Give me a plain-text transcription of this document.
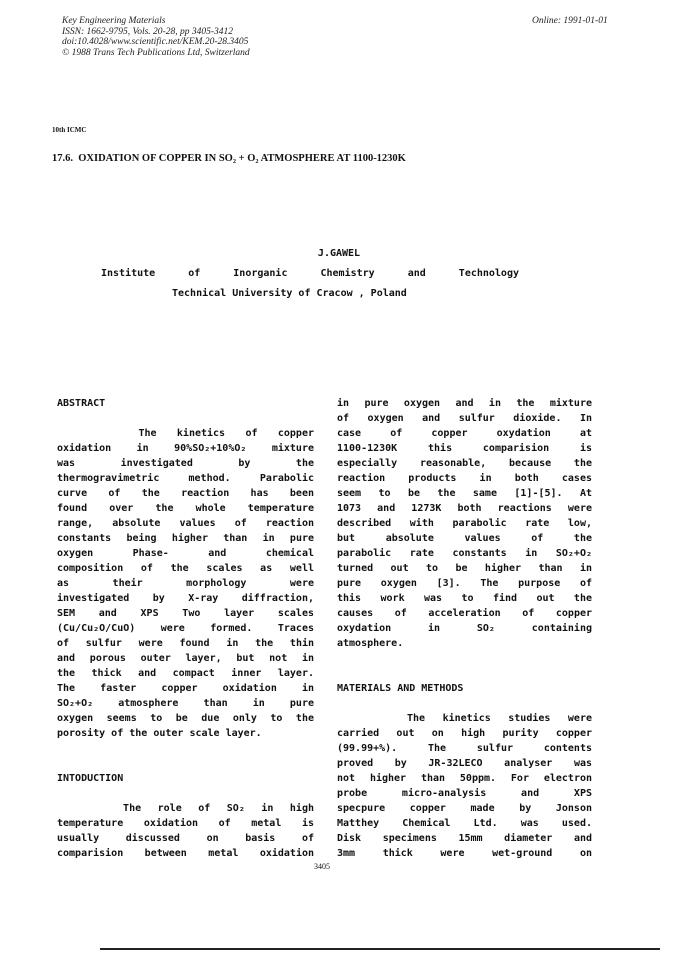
Key Engineering Materials
ISSN: 1662-9795, Vols. 20-28, pp 3405-3412
doi:10.4028/www.scientific.net/KEM.20-28.3405
© 1988 Trans Tech Publications Ltd, Switzerland
Online: 1991-01-01
10th ICMC
17.6. OXIDATION OF COPPER IN SO₂ + O₂ ATMOSPHERE AT 1100-1230K
J.GAWEL
Institute   of   Inorganic   Chemistry   and   Technology
Technical University of Cracow , Poland
ABSTRACT
The kinetics of copper
oxidation in 90%SO₂+10%O₂ mixture
was investigated by the
thermogravimetric method. Parabolic
curve of the reaction has been
found over the whole temperature
range, absolute values of reaction
constants being higher than in pure
oxygen Phase- and chemical
composition of the scales as well
as their morphology were
investigated by X-ray diffraction,
SEM and XPS Two layer scales
(Cu/Cu₂O/CuO) were formed. Traces
of sulfur were found in the thin
and porous outer layer, but not in
the thick and compact inner layer.
The faster copper oxidation in
SO₂+O₂ atmosphere than in pure
oxygen seems to be due only to the
porosity of the outer scale layer.
INTODUCTION
The role of SO₂ in high
temperature oxidation of metal is
usually discussed on basis of
comparision between metal oxidation
in pure oxygen and in the mixture
of oxygen and sulfur dioxide. In
case of copper oxydation at
1100-1230K this comparision is
especially reasonable, because the
reaction products in both cases
seem to be the same [1]-[5]. At
1073 and 1273K both reactions were
described with parabolic rate low,
but absolute values of the
parabolic rate constants in SO₂+O₂
turned out to be higher than in
pure oxygen [3]. The purpose of
this work was to find out the
causes of acceleration of copper
oxydation in SO₂ containing
atmosphere.
MATERIALS AND METHODS
The kinetics studies were
carried out on high purity copper
(99.99+%). The sulfur contents
proved by JR-32LECO analyser was
not higher than 50ppm. For electron
probe micro-analysis and XPS
specpure copper made by Jonson
Matthey Chemical Ltd. was used.
Disk specimens 15mm diameter and
3mm thick were wet-ground on
3405
